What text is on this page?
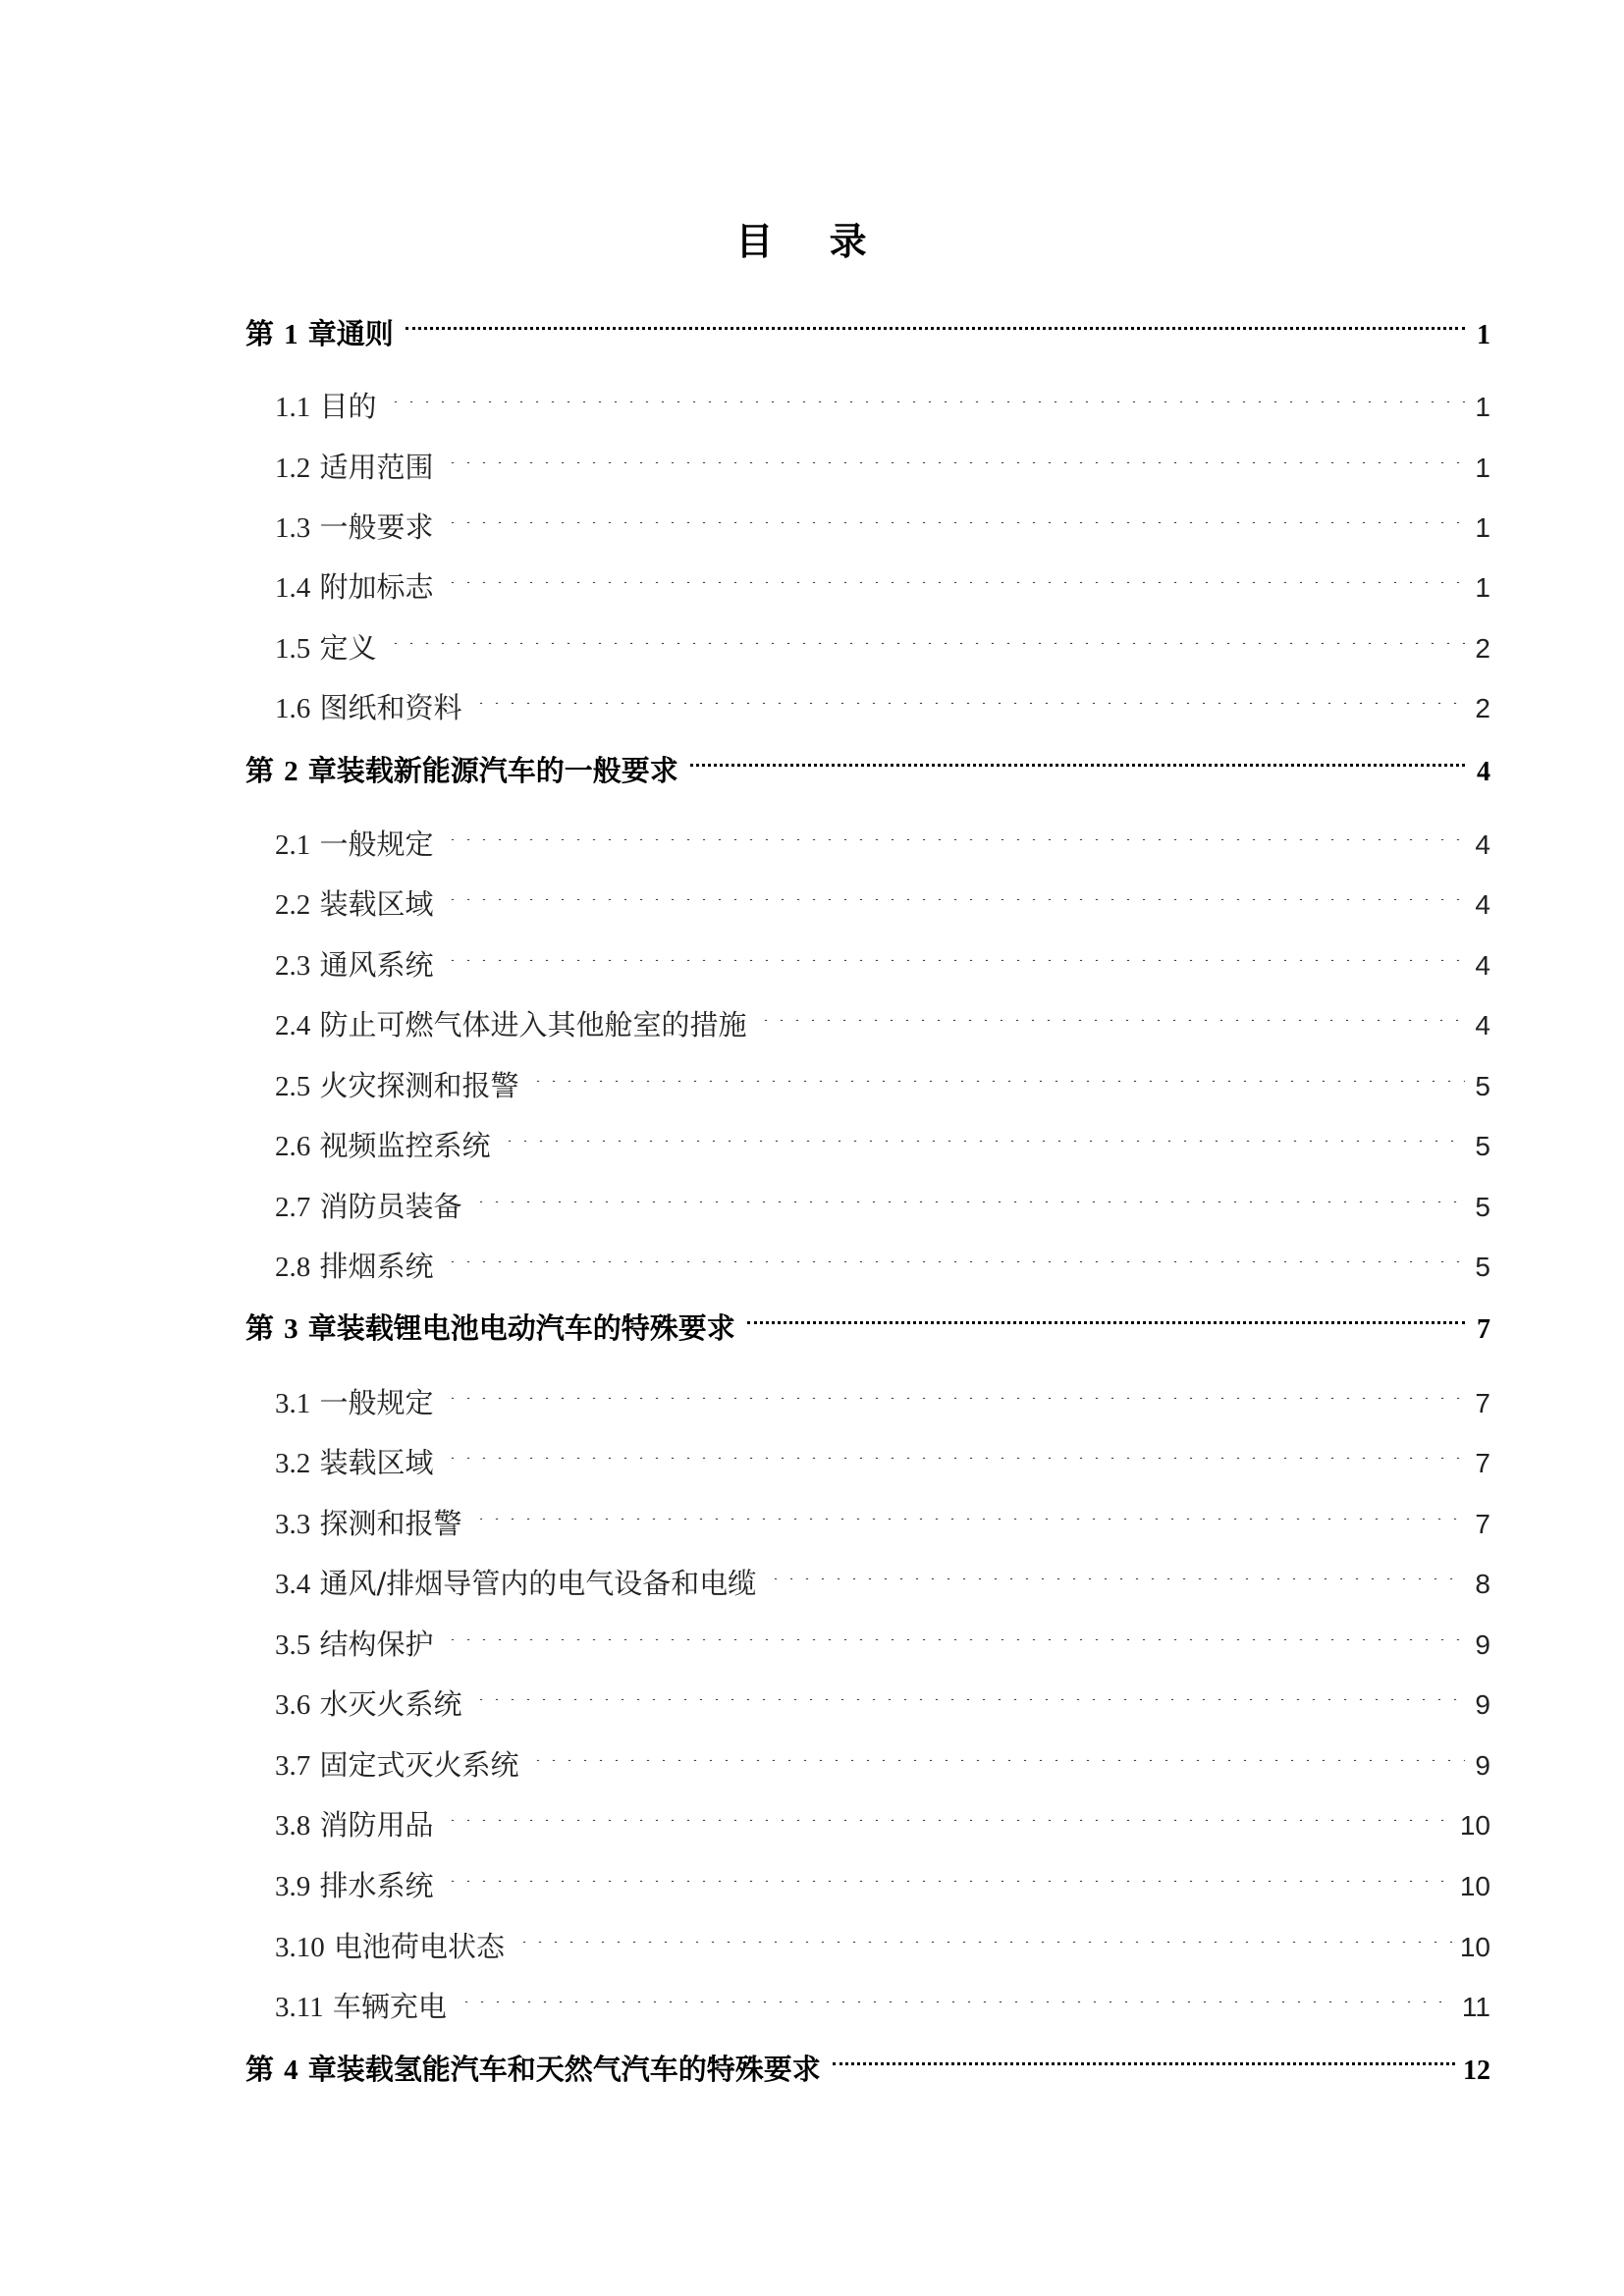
目 录
第 1 章通则	1
1.1 目的	1
1.2 适用范围	1
1.3 一般要求	1
1.4 附加标志	1
1.5 定义	2
1.6 图纸和资料	2
第 2 章装载新能源汽车的一般要求	4
2.1 一般规定	4
2.2 装载区域	4
2.3 通风系统	4
2.4 防止可燃气体进入其他舱室的措施	4
2.5 火灾探测和报警	5
2.6 视频监控系统	5
2.7 消防员装备	5
2.8 排烟系统	5
第 3 章装载锂电池电动汽车的特殊要求	7
3.1 一般规定	7
3.2 装载区域	7
3.3 探测和报警	7
3.4 通风/排烟导管内的电气设备和电缆	8
3.5 结构保护	9
3.6 水灭火系统	9
3.7 固定式灭火系统	9
3.8 消防用品	10
3.9 排水系统	10
3.10 电池荷电状态	10
3.11 车辆充电	11
第 4 章装载氢能汽车和天然气汽车的特殊要求	12
